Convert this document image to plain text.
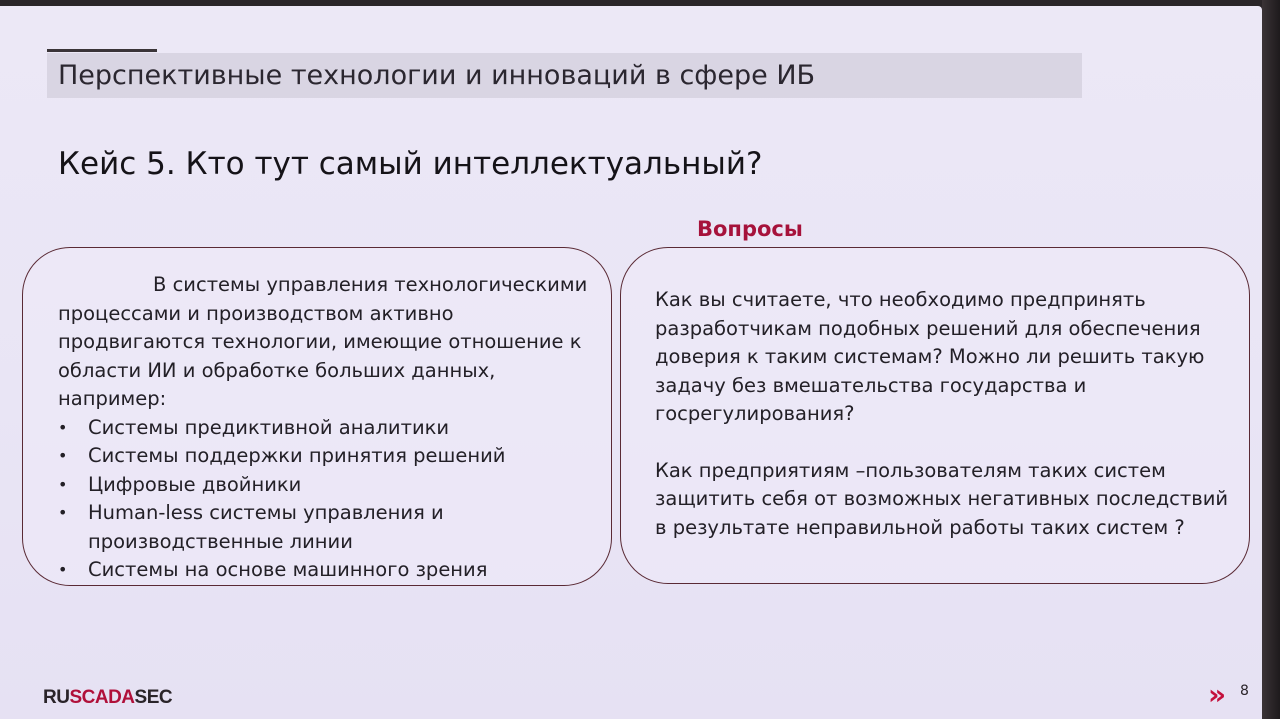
Перспективные технологии и инноваций в сфере ИБ
Кейс 5. Кто тут самый интеллектуальный?
Вопросы

В системы управления технологическими процессами и производством активно продвигаются технологии, имеющие отношение к области ИИ и обработке больших данных, например:

• Системы предиктивной аналитики
• Системы поддержки принятия решений
• Цифровые двойники
• Human-less системы управления и производственные линии
• Системы на основе машинного зрения

Как вы считаете, что необходимо предпринять разработчикам подобных решений для обеспечения доверия к таким системам? Можно ли решить такую задачу без вмешательства государства и госрегулирования?

Как предприятиям –пользователям таких систем защитить себя от возможных негативных последствий в результате неправильной работы таких систем ?

RUSCADASEC	» 8
